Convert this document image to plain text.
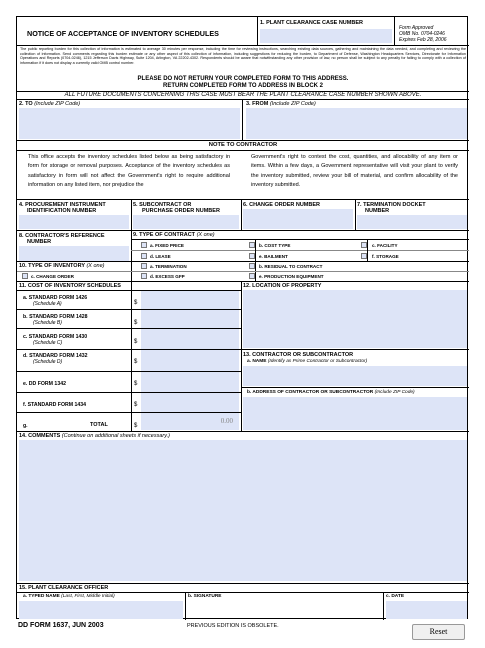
NOTICE OF ACCEPTANCE OF INVENTORY SCHEDULES
1. PLANT CLEARANCE CASE NUMBER
Form Approved
OMB No. 0704-0246
Expires Feb 28, 2006
The public reporting burden for this collection of information is estimated to average 30 minutes per response, including the time for reviewing instructions, searching existing data sources, gathering and maintaining the data needed, and completing and reviewing the collection of information. Send comments regarding this burden estimate or any other aspect of this collection of information, including suggestions for reducing the burden, to Department of Defense, Washington Headquarters Services, Directorate for Information Operations and Reports (0704-0246), 1215 Jefferson Davis Highway, Suite 1204, Arlington, VA 22202-4302. Respondents should be aware that notwithstanding any other provision of law, no person shall be subject to any penalty for failing to comply with a collection of information if it does not display a currently valid OMB control number.
PLEASE DO NOT RETURN YOUR COMPLETED FORM TO THIS ADDRESS.
RETURN COMPLETED FORM TO ADDRESS IN BLOCK 2
ALL FUTURE DOCUMENTS CONCERNING THIS CASE MUST BEAR THE PLANT CLEARANCE CASE NUMBER SHOWN ABOVE.
2. TO (Include ZIP Code)	3. FROM (Include ZIP Code)
NOTE TO CONTRACTOR
This office accepts the inventory schedules listed below as being satisfactory in form for storage or removal purposes. Acceptance of the inventory schedules as satisfactory in form will not affect the Government's right to require additional information on any listed item, nor prejudice the
Government's right to contest the cost, quantities, and allocability of any item or items. Within a few days, a Government representative will visit your plant to verify the inventory submitted, review your bill of material, and confirm allocability of the inventory submitted.
4. PROCUREMENT INSTRUMENT
IDENTIFICATION NUMBER
5. SUBCONTRACT OR
PURCHASE ORDER NUMBER
6. CHANGE ORDER NUMBER	7. TERMINATION DOCKET
NUMBER
8. CONTRACTOR'S REFERENCE
NUMBER
9. TYPE OF CONTRACT (X one)
a. FIXED PRICE	b. COST TYPE	c. FACILITY
d. LEASE	e. BAILMENT	f. STORAGE
10. TYPE OF INVENTORY (X one)	a. TERMINATION	b. RESIDUAL TO CONTRACT
c. CHANGE ORDER	d. EXCESS GFP	e. PRODUCTION EQUIPMENT
11. COST OF INVENTORY SCHEDULES
a. STANDARD FORM 1426
(Schedule A)	$
b. STANDARD FORM 1428
(Schedule B)	$
c. STANDARD FORM 1430
(Schedule C)	$
d. STANDARD FORM 1432
(Schedule D)	$
e. DD FORM 1342	$
f. STANDARD FORM 1434	$
g.	TOTAL	$
0.00
12. LOCATION OF PROPERTY
13. CONTRACTOR OR SUBCONTRACTOR
a. NAME (Identify as Prime Contractor or Subcontractor)
b. ADDRESS OF CONTRACTOR OR SUBCONTRACTOR (Include ZIP Code)
14. COMMENTS (Continue on additional sheets if necessary.)
15. PLANT CLEARANCE OFFICER
a. TYPED NAME (Last, First, Middle Initial)	b. SIGNATURE	c. DATE
DD FORM 1637, JUN 2003	PREVIOUS EDITION IS OBSOLETE.
Reset
